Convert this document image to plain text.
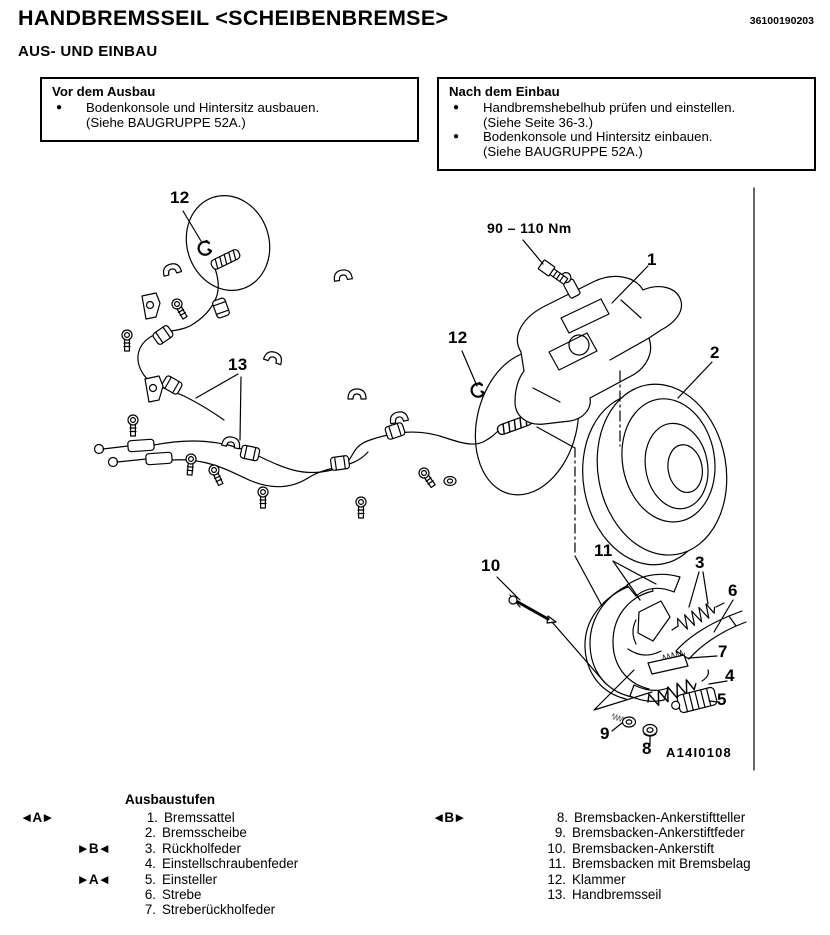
HANDBREMSSEIL <SCHEIBENBREMSE>	36100190203
AUS- UND EINBAU
Vor dem Ausbau
●	Bodenkonsole und Hintersitz ausbauen.
(Siehe BAUGRUPPE 52A.)
Nach dem Einbau
●	Handbremshebelhub prüfen und einstellen.
(Siehe Seite 36-3.)
●	Bodenkonsole und Hintersitz einbauen.
(Siehe BAUGRUPPE 52A.)
12
13
12
1
2
10
11
3
6
7
4
5
9
8
90 – 110 Nm
A14I0108
Ausbaustufen
◄A►	1. Bremssattel
2. Bremsscheibe
►B◄	3. Rückholfeder
4. Einstellschraubenfeder
►A◄	5. Einsteller
6. Strebe
7. Streberückholfeder
◄B►	8. Bremsbacken-Ankerstiftteller
9. Bremsbacken-Ankerstiftfeder
10. Bremsbacken-Ankerstift
11. Bremsbacken mit Bremsbelag
12. Klammer
13. Handbremsseil
